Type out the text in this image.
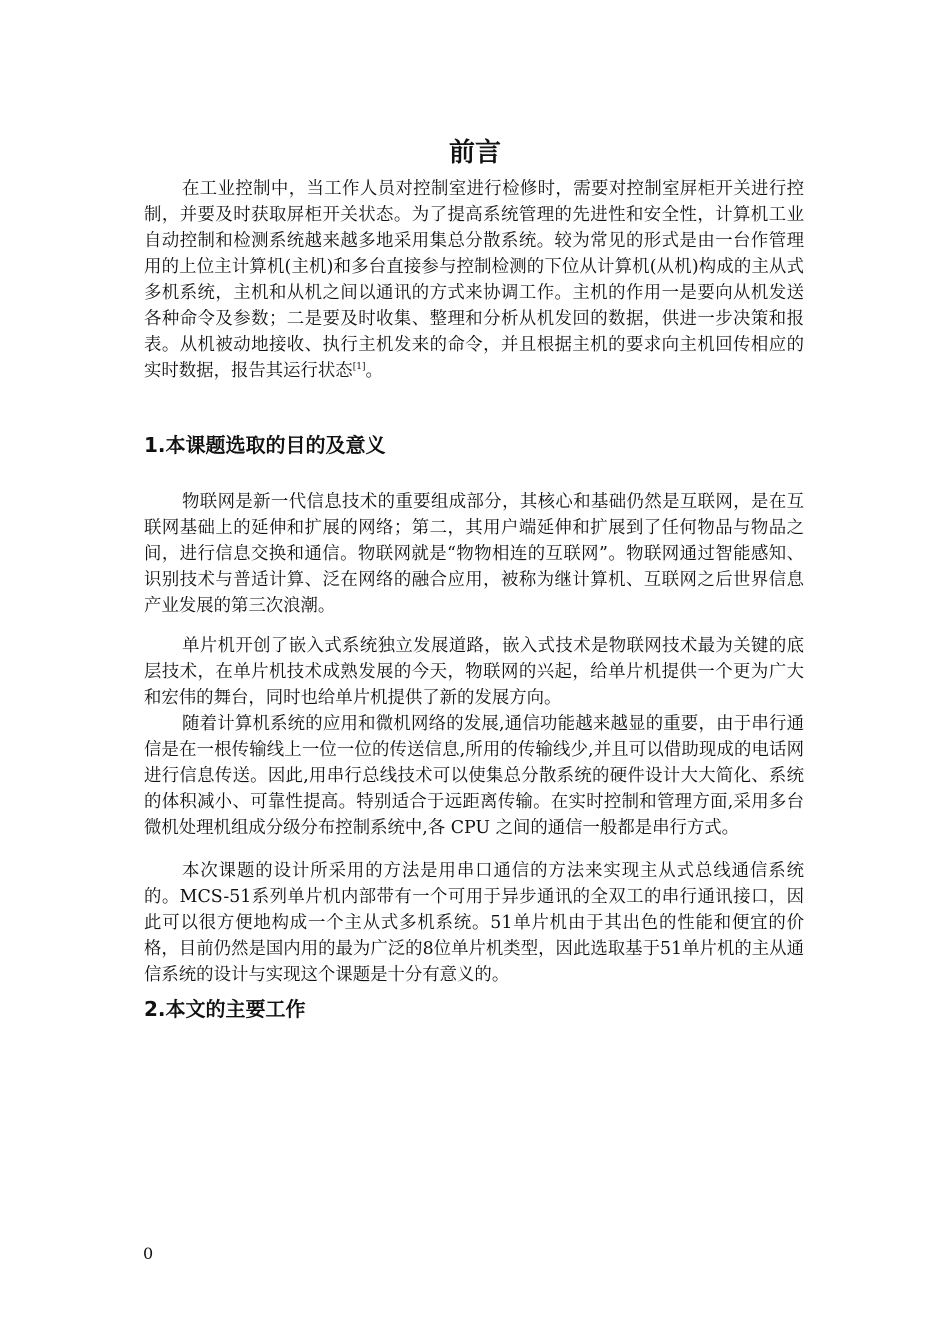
前言

在工业控制中，当工作人员对控制室进行检修时，需要对控制室屏柜开关进行控制，并要及时获取屏柜开关状态。为了提高系统管理的先进性和安全性，计算机工业自动控制和检测系统越来越多地采用集总分散系统。较为常见的形式是由一台作管理用的上位主计算机(主机)和多台直接参与控制检测的下位从计算机(从机)构成的主从式多机系统，主机和从机之间以通讯的方式来协调工作。主机的作用一是要向从机发送各种命令及参数；二是要及时收集、整理和分析从机发回的数据，供进一步决策和报表。从机被动地接收、执行主机发来的命令，并且根据主机的要求向主机回传相应的实时数据，报告其运行状态[1]。

1.本课题选取的目的及意义

物联网是新一代信息技术的重要组成部分，其核心和基础仍然是互联网，是在互联网基础上的延伸和扩展的网络；第二，其用户端延伸和扩展到了任何物品与物品之间，进行信息交换和通信。物联网就是“物物相连的互联网”。物联网通过智能感知、识别技术与普适计算、泛在网络的融合应用，被称为继计算机、互联网之后世界信息产业发展的第三次浪潮。

单片机开创了嵌入式系统独立发展道路，嵌入式技术是物联网技术最为关键的底层技术，在单片机技术成熟发展的今天，物联网的兴起，给单片机提供一个更为广大和宏伟的舞台，同时也给单片机提供了新的发展方向。

随着计算机系统的应用和微机网络的发展,通信功能越来越显的重要，由于串行通信是在一根传输线上一位一位的传送信息,所用的传输线少,并且可以借助现成的电话网进行信息传送。因此,用串行总线技术可以使集总分散系统的硬件设计大大简化、系统的体积减小、可靠性提高。特别适合于远距离传输。在实时控制和管理方面,采用多台微机处理机组成分级分布控制系统中,各 CPU 之间的通信一般都是串行方式。

本次课题的设计所采用的方法是用串口通信的方法来实现主从式总线通信系统的。MCS-51系列单片机内部带有一个可用于异步通讯的全双工的串行通讯接口，因此可以很方便地构成一个主从式多机系统。51单片机由于其出色的性能和便宜的价格，目前仍然是国内用的最为广泛的8位单片机类型，因此选取基于51单片机的主从通信系统的设计与实现这个课题是十分有意义的。

2.本文的主要工作
0
